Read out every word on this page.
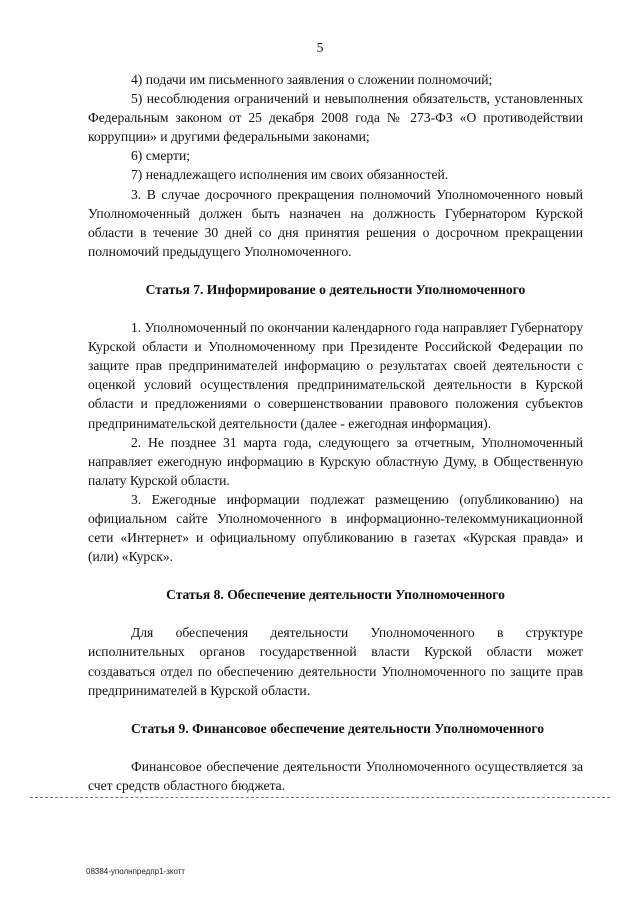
5

4) подачи им письменного заявления о сложении полномочий;

5) несоблюдения ограничений и невыполнения обязательств, установленных Федеральным законом от 25 декабря 2008 года № 273-ФЗ «О противодействии коррупции» и другими федеральными законами;

6) смерти;

7) ненадлежащего исполнения им своих обязанностей.

3. В случае досрочного прекращения полномочий Уполномоченного новый Уполномоченный должен быть назначен на должность Губернатором Курской области в течение 30 дней со дня принятия решения о досрочном прекращении полномочий предыдущего Уполномоченного.

Статья 7. Информирование о деятельности Уполномоченного

1. Уполномоченный по окончании календарного года направляет Губернатору Курской области и Уполномоченному при Президенте Российской Федерации по защите прав предпринимателей информацию о результатах своей деятельности с оценкой условий осуществления предпринимательской деятельности в Курской области и предложениями о совершенствовании правового положения субъектов предпринимательской деятельности (далее - ежегодная информация).

2. Не позднее 31 марта года, следующего за отчетным, Уполномоченный направляет ежегодную информацию в Курскую областную Думу, в Общественную палату Курской области.

3. Ежегодные информации подлежат размещению (опубликованию) на официальном сайте Уполномоченного в информационно-телекоммуникационной сети «Интернет» и официальному опубликованию в газетах «Курская правда» и (или) «Курск».

Статья 8. Обеспечение деятельности Уполномоченного

Для обеспечения деятельности Уполномоченного в структуре исполнительных органов государственной власти Курской области может создаваться отдел по обеспечению деятельности Уполномоченного по защите прав предпринимателей в Курской области.

Статья 9. Финансовое обеспечение деятельности Уполномоченного

Финансовое обеспечение деятельности Уполномоченного осуществляется за счет средств областного бюджета.

08384-уполнпредпр1-зкотт
